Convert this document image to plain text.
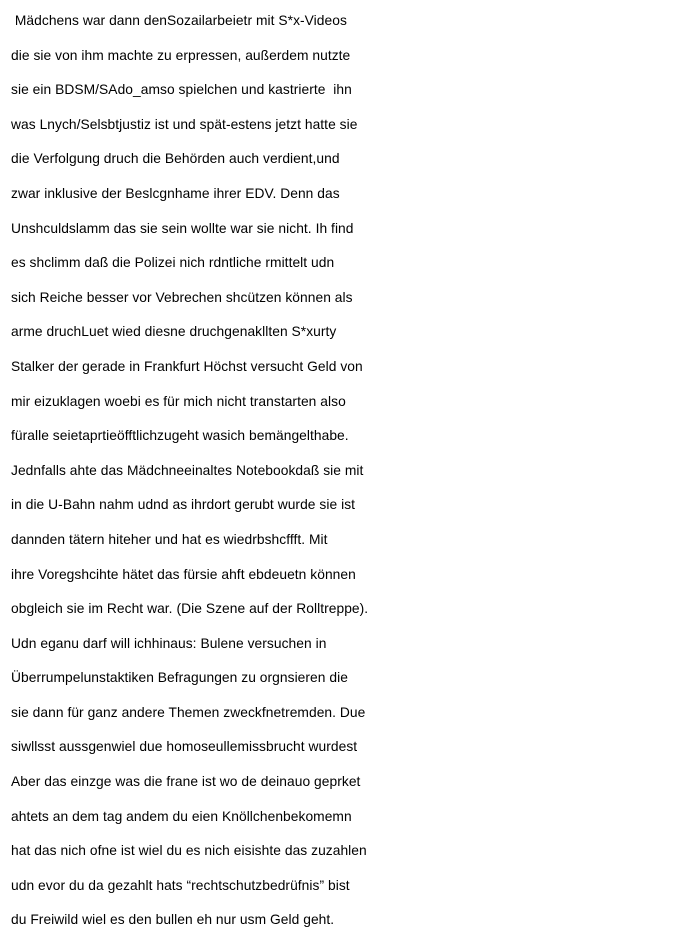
Mädchens war dann denSozailarbeietr mit S*x-Videos
die sie von ihm machte zu erpressen, außerdem nutzte
sie ein BDSM/SAdo_amso spielchen und kastrierte  ihn
was Lnych/Selsbtjustiz ist und spät-estens jetzt hatte sie
die Verfolgung druch die Behörden auch verdient,und
zwar inklusive der Beslcgnhame ihrer EDV. Denn das
Unshculdslamm das sie sein wollte war sie nicht. Ih find
es shclimm daß die Polizei nich rdntliche rmittelt udn
sich Reiche besser vor Vebrechen shcützen können als
arme druchLuet wied diesne druchgenakllten S*xurty
Stalker der gerade in Frankfurt Höchst versucht Geld von
mir eizuklagen woebi es für mich nicht transtarten also
füralle seietaprtieöfftlichzugeht wasich bemängelthabe.
Jednfalls ahte das Mädchneeinaltes Notebookdaß sie mit
in die U-Bahn nahm udnd as ihrdort gerubt wurde sie ist
dannden tätern hiteher und hat es wiedrbshcffft. Mit
ihre Voregshcihte hätet das fürsie ahft ebdeuetn können
obgleich sie im Recht war. (Die Szene auf der Rolltreppe).
Udn eganu darf will ichhinaus: Bulene versuchen in
Überrumpelunstaktiken Befragungen zu orgnsieren die
sie dann für ganz andere Themen zweckfnetremden. Due
siwllsst aussgenwiel due homoseullemissbrucht wurdest
Aber das einzge was die frane ist wo de deinauo geprket
ahtets an dem tag andem du eien Knöllchenbekomemn
hat das nich ofne ist wiel du es nich eisishte das zuzahlen
udn evor du da gezahlt hats “rechtschutzbedrüfnis” bist
du Freiwild wiel es den bullen eh nur usm Geld geht.
